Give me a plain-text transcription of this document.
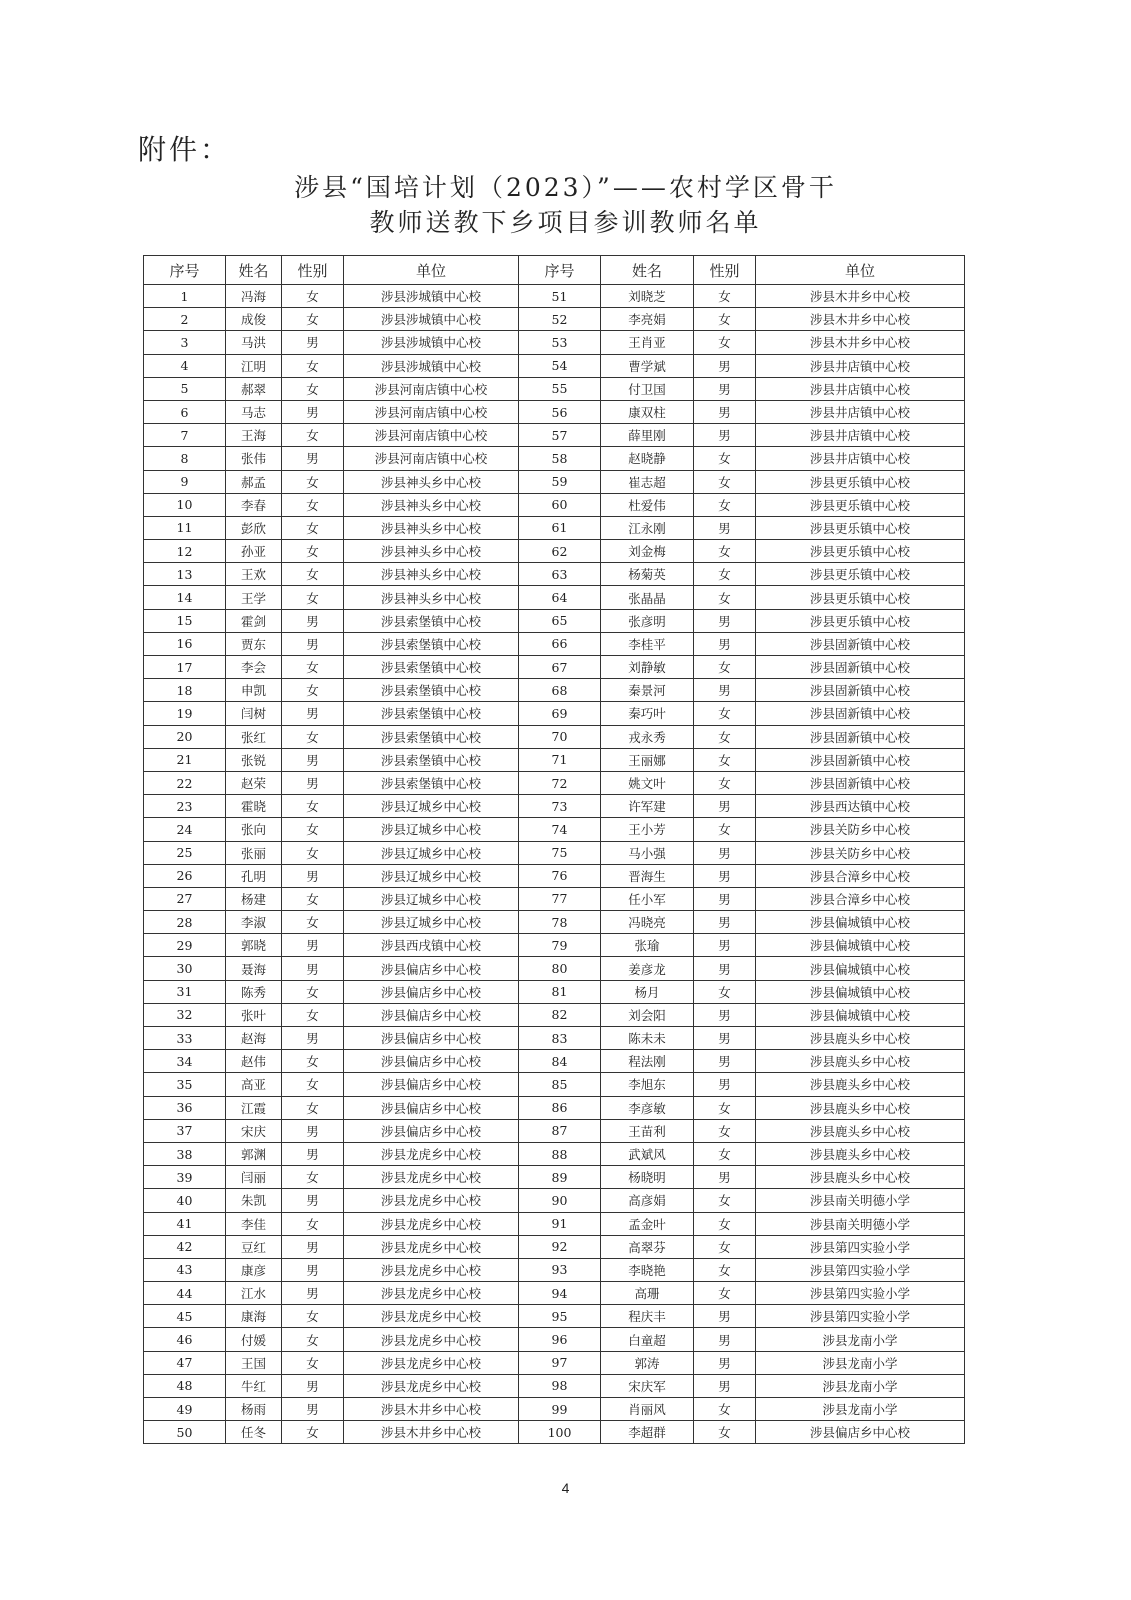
附件：
涉县“国培计划（2023）”——农村学区骨干
教师送教下乡项目参训教师名单
序号	姓名	性别	单位	序号	姓名	性别	单位
1	冯海	女	涉县涉城镇中心校	51	刘晓芝	女	涉县木井乡中心校
2	成俊	女	涉县涉城镇中心校	52	李亮娟	女	涉县木井乡中心校
3	马洪	男	涉县涉城镇中心校	53	王肖亚	女	涉县木井乡中心校
4	江明	女	涉县涉城镇中心校	54	曹学斌	男	涉县井店镇中心校
5	郝翠	女	涉县河南店镇中心校	55	付卫国	男	涉县井店镇中心校
6	马志	男	涉县河南店镇中心校	56	康双柱	男	涉县井店镇中心校
7	王海	女	涉县河南店镇中心校	57	薛里刚	男	涉县井店镇中心校
8	张伟	男	涉县河南店镇中心校	58	赵晓静	女	涉县井店镇中心校
9	郝孟	女	涉县神头乡中心校	59	崔志超	女	涉县更乐镇中心校
10	李春	女	涉县神头乡中心校	60	杜爱伟	女	涉县更乐镇中心校
11	彭欣	女	涉县神头乡中心校	61	江永刚	男	涉县更乐镇中心校
12	孙亚	女	涉县神头乡中心校	62	刘金梅	女	涉县更乐镇中心校
13	王欢	女	涉县神头乡中心校	63	杨菊英	女	涉县更乐镇中心校
14	王学	女	涉县神头乡中心校	64	张晶晶	女	涉县更乐镇中心校
15	霍剑	男	涉县索堡镇中心校	65	张彦明	男	涉县更乐镇中心校
16	贾东	男	涉县索堡镇中心校	66	李桂平	男	涉县固新镇中心校
17	李会	女	涉县索堡镇中心校	67	刘静敏	女	涉县固新镇中心校
18	申凯	女	涉县索堡镇中心校	68	秦景河	男	涉县固新镇中心校
19	闫树	男	涉县索堡镇中心校	69	秦巧叶	女	涉县固新镇中心校
20	张红	女	涉县索堡镇中心校	70	戎永秀	女	涉县固新镇中心校
21	张锐	男	涉县索堡镇中心校	71	王丽娜	女	涉县固新镇中心校
22	赵荣	男	涉县索堡镇中心校	72	姚文叶	女	涉县固新镇中心校
23	霍晓	女	涉县辽城乡中心校	73	许军建	男	涉县西达镇中心校
24	张向	女	涉县辽城乡中心校	74	王小芳	女	涉县关防乡中心校
25	张丽	女	涉县辽城乡中心校	75	马小强	男	涉县关防乡中心校
26	孔明	男	涉县辽城乡中心校	76	晋海生	男	涉县合漳乡中心校
27	杨建	女	涉县辽城乡中心校	77	任小军	男	涉县合漳乡中心校
28	李淑	女	涉县辽城乡中心校	78	冯晓亮	男	涉县偏城镇中心校
29	郭晓	男	涉县西戌镇中心校	79	张瑜	男	涉县偏城镇中心校
30	聂海	男	涉县偏店乡中心校	80	姜彦龙	男	涉县偏城镇中心校
31	陈秀	女	涉县偏店乡中心校	81	杨月	女	涉县偏城镇中心校
32	张叶	女	涉县偏店乡中心校	82	刘会阳	男	涉县偏城镇中心校
33	赵海	男	涉县偏店乡中心校	83	陈未未	男	涉县鹿头乡中心校
34	赵伟	女	涉县偏店乡中心校	84	程法刚	男	涉县鹿头乡中心校
35	高亚	女	涉县偏店乡中心校	85	李旭东	男	涉县鹿头乡中心校
36	江霞	女	涉县偏店乡中心校	86	李彦敏	女	涉县鹿头乡中心校
37	宋庆	男	涉县偏店乡中心校	87	王苗利	女	涉县鹿头乡中心校
38	郭渊	男	涉县龙虎乡中心校	88	武斌风	女	涉县鹿头乡中心校
39	闫丽	女	涉县龙虎乡中心校	89	杨晓明	男	涉县鹿头乡中心校
40	朱凯	男	涉县龙虎乡中心校	90	高彦娟	女	涉县南关明德小学
41	李佳	女	涉县龙虎乡中心校	91	孟金叶	女	涉县南关明德小学
42	豆红	男	涉县龙虎乡中心校	92	高翠芬	女	涉县第四实验小学
43	康彦	男	涉县龙虎乡中心校	93	李晓艳	女	涉县第四实验小学
44	江水	男	涉县龙虎乡中心校	94	高珊	女	涉县第四实验小学
45	康海	女	涉县龙虎乡中心校	95	程庆丰	男	涉县第四实验小学
46	付媛	女	涉县龙虎乡中心校	96	白童超	男	涉县龙南小学
47	王国	女	涉县龙虎乡中心校	97	郭涛	男	涉县龙南小学
48	牛红	男	涉县龙虎乡中心校	98	宋庆军	男	涉县龙南小学
49	杨雨	男	涉县木井乡中心校	99	肖丽风	女	涉县龙南小学
50	任冬	女	涉县木井乡中心校	100	李超群	女	涉县偏店乡中心校
4
